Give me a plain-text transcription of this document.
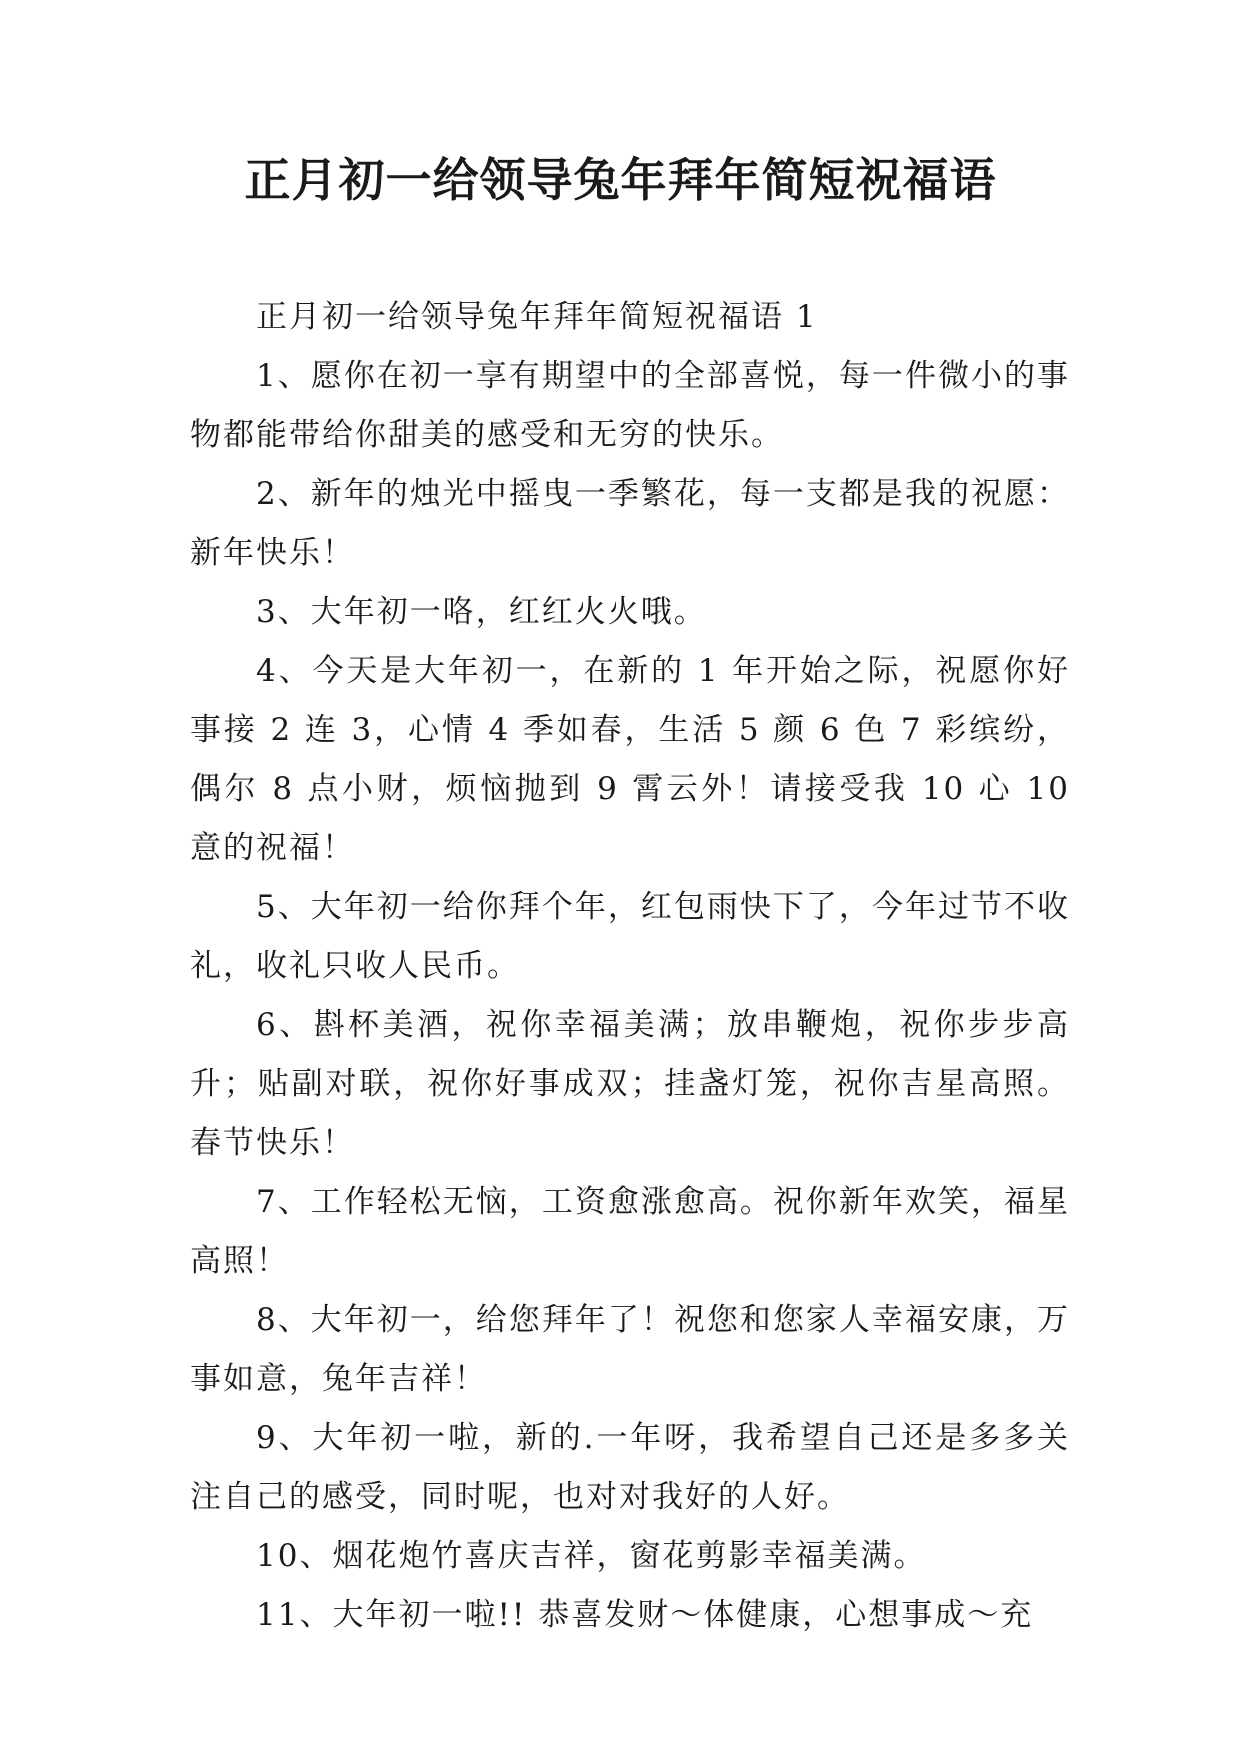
正月初一给领导兔年拜年简短祝福语

正月初一给领导兔年拜年简短祝福语 1

1、愿你在初一享有期望中的全部喜悦，每一件微小的事物都能带给你甜美的感受和无穷的快乐。

2、新年的烛光中摇曳一季繁花，每一支都是我的祝愿：新年快乐！

3、大年初一咯，红红火火哦。

4、今天是大年初一，在新的 1 年开始之际，祝愿你好事接 2 连 3，心情 4 季如春，生活 5 颜 6 色 7 彩缤纷，偶尔 8 点小财，烦恼抛到 9 霄云外！请接受我 10 心 10 意的祝福！

5、大年初一给你拜个年，红包雨快下了，今年过节不收礼，收礼只收人民币。

6、斟杯美酒，祝你幸福美满；放串鞭炮，祝你步步高升；贴副对联，祝你好事成双；挂盏灯笼，祝你吉星高照。春节快乐！

7、工作轻松无恼，工资愈涨愈高。祝你新年欢笑，福星高照！

8、大年初一，给您拜年了！祝您和您家人幸福安康，万事如意，兔年吉祥！

9、大年初一啦，新的.一年呀，我希望自己还是多多关注自己的感受，同时呢，也对对我好的人好。

10、烟花炮竹喜庆吉祥，窗花剪影幸福美满。

11、大年初一啦!! 恭喜发财～体健康，心想事成～充
